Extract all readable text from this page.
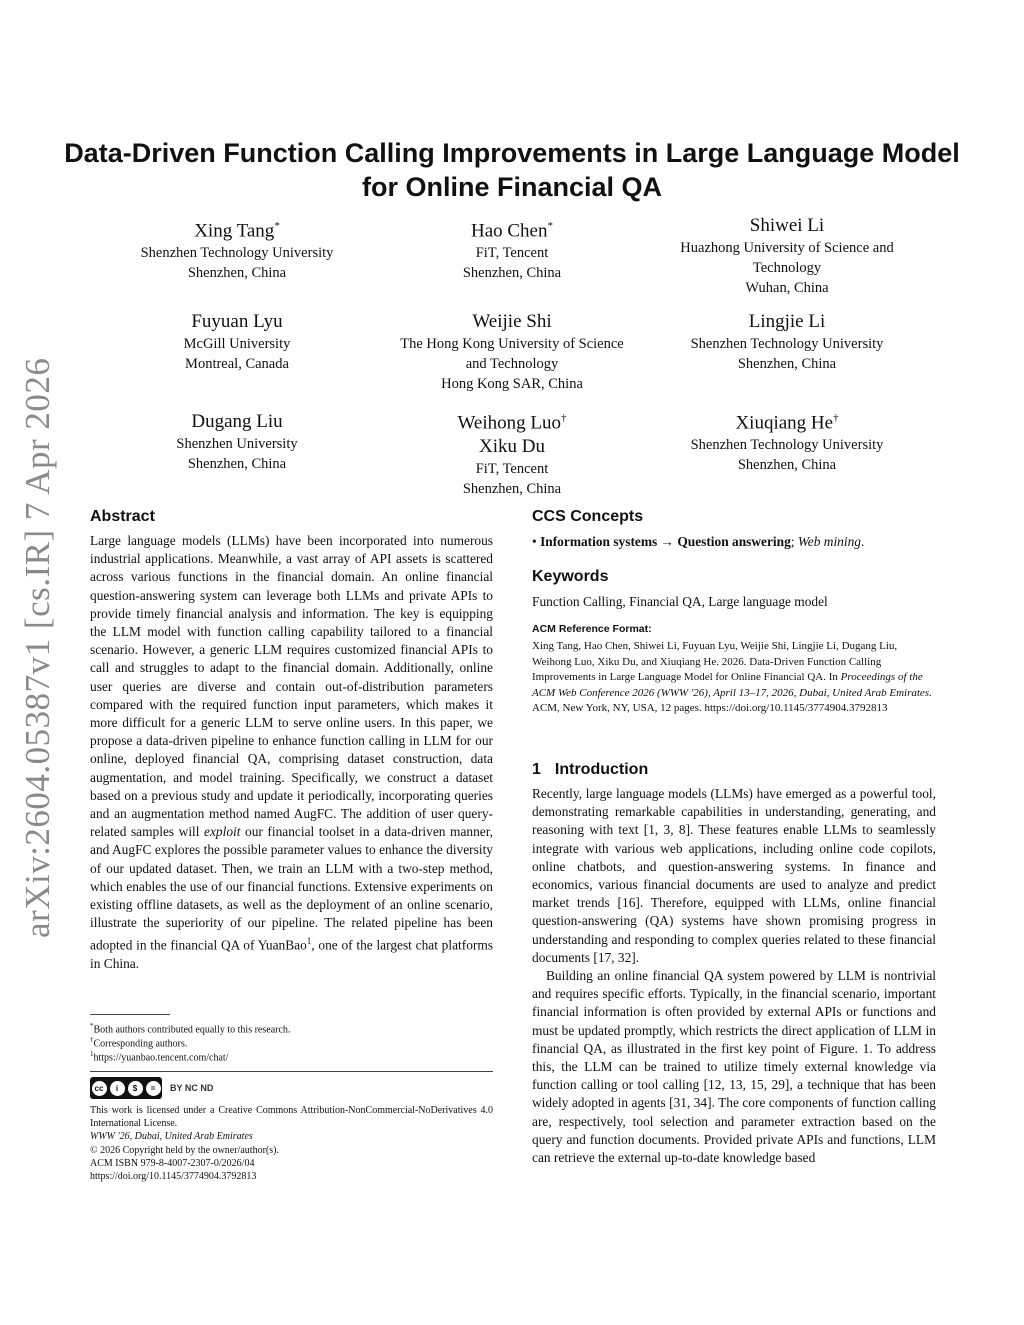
arXiv:2604.05387v1 [cs.IR] 7 Apr 2026
Data-Driven Function Calling Improvements in Large Language Model for Online Financial QA
Xing Tang*
Shenzhen Technology University
Shenzhen, China
Hao Chen*
FiT, Tencent
Shenzhen, China
Shiwei Li
Huazhong University of Science and
Technology
Wuhan, China
Fuyuan Lyu
McGill University
Montreal, Canada
Weijie Shi
The Hong Kong University of Science
and Technology
Hong Kong SAR, China
Lingjie Li
Shenzhen Technology University
Shenzhen, China
Dugang Liu
Shenzhen University
Shenzhen, China
Weihong Luo†
Xiku Du
FiT, Tencent
Shenzhen, China
Xiuqiang He†
Shenzhen Technology University
Shenzhen, China
Abstract

Large language models (LLMs) have been incorporated into numerous industrial applications. Meanwhile, a vast array of API assets is scattered across various functions in the financial domain. An online financial question-answering system can leverage both LLMs and private APIs to provide timely financial analysis and information. The key is equipping the LLM model with function calling capability tailored to a financial scenario. However, a generic LLM requires customized financial APIs to call and struggles to adapt to the financial domain. Additionally, online user queries are diverse and contain out-of-distribution parameters compared with the required function input parameters, which makes it more difficult for a generic LLM to serve online users. In this paper, we propose a data-driven pipeline to enhance function calling in LLM for our online, deployed financial QA, comprising dataset construction, data augmentation, and model training. Specifically, we construct a dataset based on a previous study and update it periodically, incorporating queries and an augmentation method named AugFC. The addition of user query-related samples will exploit our financial toolset in a data-driven manner, and AugFC explores the possible parameter values to enhance the diversity of our updated dataset. Then, we train an LLM with a two-step method, which enables the use of our financial functions. Extensive experiments on existing offline datasets, as well as the deployment of an online scenario, illustrate the superiority of our pipeline. The related pipeline has been adopted in the financial QA of YuanBao$^1$, one of the largest chat platforms in China.

*Both authors contributed equally to this research.
†Corresponding authors.
$^1$https://yuanbao.tencent.com/chat/
cc	i	$	=	BY NC ND

This work is licensed under a Creative Commons Attribution-NonCommercial-NoDerivatives 4.0 International License.

WWW '26, Dubai, United Arab Emirates

© 2026 Copyright held by the owner/author(s).

ACM ISBN 979-8-4007-2307-0/2026/04

https://doi.org/10.1145/3774904.3792813

CCS Concepts
• Information systems → Question answering; Web mining.
Keywords
Function Calling, Financial QA, Large language model
ACM Reference Format:
Xing Tang, Hao Chen, Shiwei Li, Fuyuan Lyu, Weijie Shi, Lingjie Li, Dugang Liu, Weihong Luo, Xiku Du, and Xiuqiang He. 2026. Data-Driven Function Calling Improvements in Large Language Model for Online Financial QA. In Proceedings of the ACM Web Conference 2026 (WWW '26), April 13–17, 2026, Dubai, United Arab Emirates. ACM, New York, NY, USA, 12 pages. https://doi.org/10.1145/3774904.3792813
1 Introduction

Recently, large language models (LLMs) have emerged as a powerful tool, demonstrating remarkable capabilities in understanding, generating, and reasoning with text [1, 3, 8]. These features enable LLMs to seamlessly integrate with various web applications, including online code copilots, online chatbots, and question-answering systems. In finance and economics, various financial documents are used to analyze and predict market trends [16]. Therefore, equipped with LLMs, online financial question-answering (QA) systems have shown promising progress in understanding and responding to complex queries related to these financial documents [17, 32].

Building an online financial QA system powered by LLM is nontrivial and requires specific efforts. Typically, in the financial scenario, important financial information is often provided by external APIs or functions and must be updated promptly, which restricts the direct application of LLM in financial QA, as illustrated in the first key point of Figure. 1. To address this, the LLM can be trained to utilize timely external knowledge via function calling or tool calling [12, 13, 15, 29], a technique that has been widely adopted in agents [31, 34]. The core components of function calling are, respectively, tool selection and parameter extraction based on the query and function documents. Provided private APIs and functions, LLM can retrieve the external up-to-date knowledge based
